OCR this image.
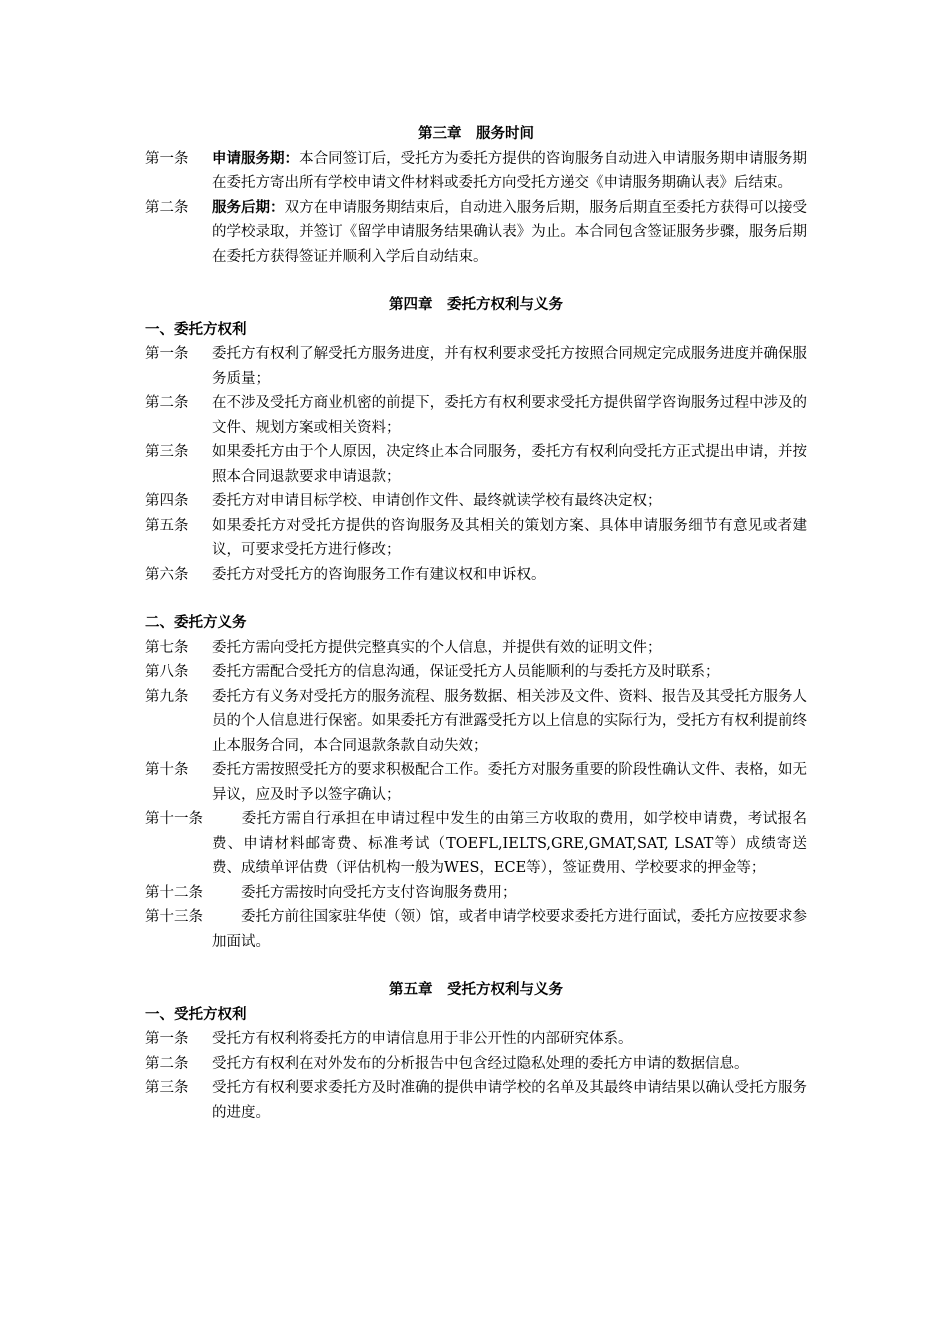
第三章　服务时间

第一条	申请服务期：本合同签订后，受托方为委托方提供的咨询服务自动进入申请服务期申请服务期在委托方寄出所有学校申请文件材料或委托方向受托方递交《申请服务期确认表》后结束。
第二条	服务后期：双方在申请服务期结束后，自动进入服务后期，服务后期直至委托方获得可以接受的学校录取，并签订《留学申请服务结果确认表》为止。本合同包含签证服务步骤，服务后期在委托方获得签证并顺利入学后自动结束。

第四章　委托方权利与义务

一、委托方权利

第一条	委托方有权利了解受托方服务进度，并有权利要求受托方按照合同规定完成服务进度并确保服务质量；
第二条	在不涉及受托方商业机密的前提下，委托方有权利要求受托方提供留学咨询服务过程中涉及的文件、规划方案或相关资料；
第三条	如果委托方由于个人原因，决定终止本合同服务，委托方有权利向受托方正式提出申请，并按照本合同退款要求申请退款；
第四条	委托方对申请目标学校、申请创作文件、最终就读学校有最终决定权；
第五条	如果委托方对受托方提供的咨询服务及其相关的策划方案、具体申请服务细节有意见或者建议，可要求受托方进行修改；
第六条	委托方对受托方的咨询服务工作有建议权和申诉权。

二、委托方义务

第七条	委托方需向受托方提供完整真实的个人信息，并提供有效的证明文件；
第八条	委托方需配合受托方的信息沟通，保证受托方人员能顺利的与委托方及时联系；
第九条	委托方有义务对受托方的服务流程、服务数据、相关涉及文件、资料、报告及其受托方服务人员的个人信息进行保密。如果委托方有泄露受托方以上信息的实际行为，受托方有权利提前终止本服务合同，本合同退款条款自动失效；
第十条	委托方需按照受托方的要求积极配合工作。委托方对服务重要的阶段性确认文件、表格，如无异议，应及时予以签字确认；
第十一条 　　委托方需自行承担在申请过程中发生的由第三方收取的费用，如学校申请费，考试报名费、申请材料邮寄费、标准考试（TOEFL,IELTS,GRE,GMAT,SAT, LSAT等）成绩寄送费、成绩单评估费（评估机构一般为WES，ECE等），签证费用、学校要求的押金等；
第十二条 　　委托方需按时向受托方支付咨询服务费用；
第十三条 　　委托方前往国家驻华使（领）馆，或者申请学校要求委托方进行面试，委托方应按要求参加面试。

第五章　受托方权利与义务

一、受托方权利

第一条	受托方有权利将委托方的申请信息用于非公开性的内部研究体系。
第二条	受托方有权利在对外发布的分析报告中包含经过隐私处理的委托方申请的数据信息。
第三条	受托方有权利要求委托方及时准确的提供申请学校的名单及其最终申请结果以确认受托方服务的进度。
